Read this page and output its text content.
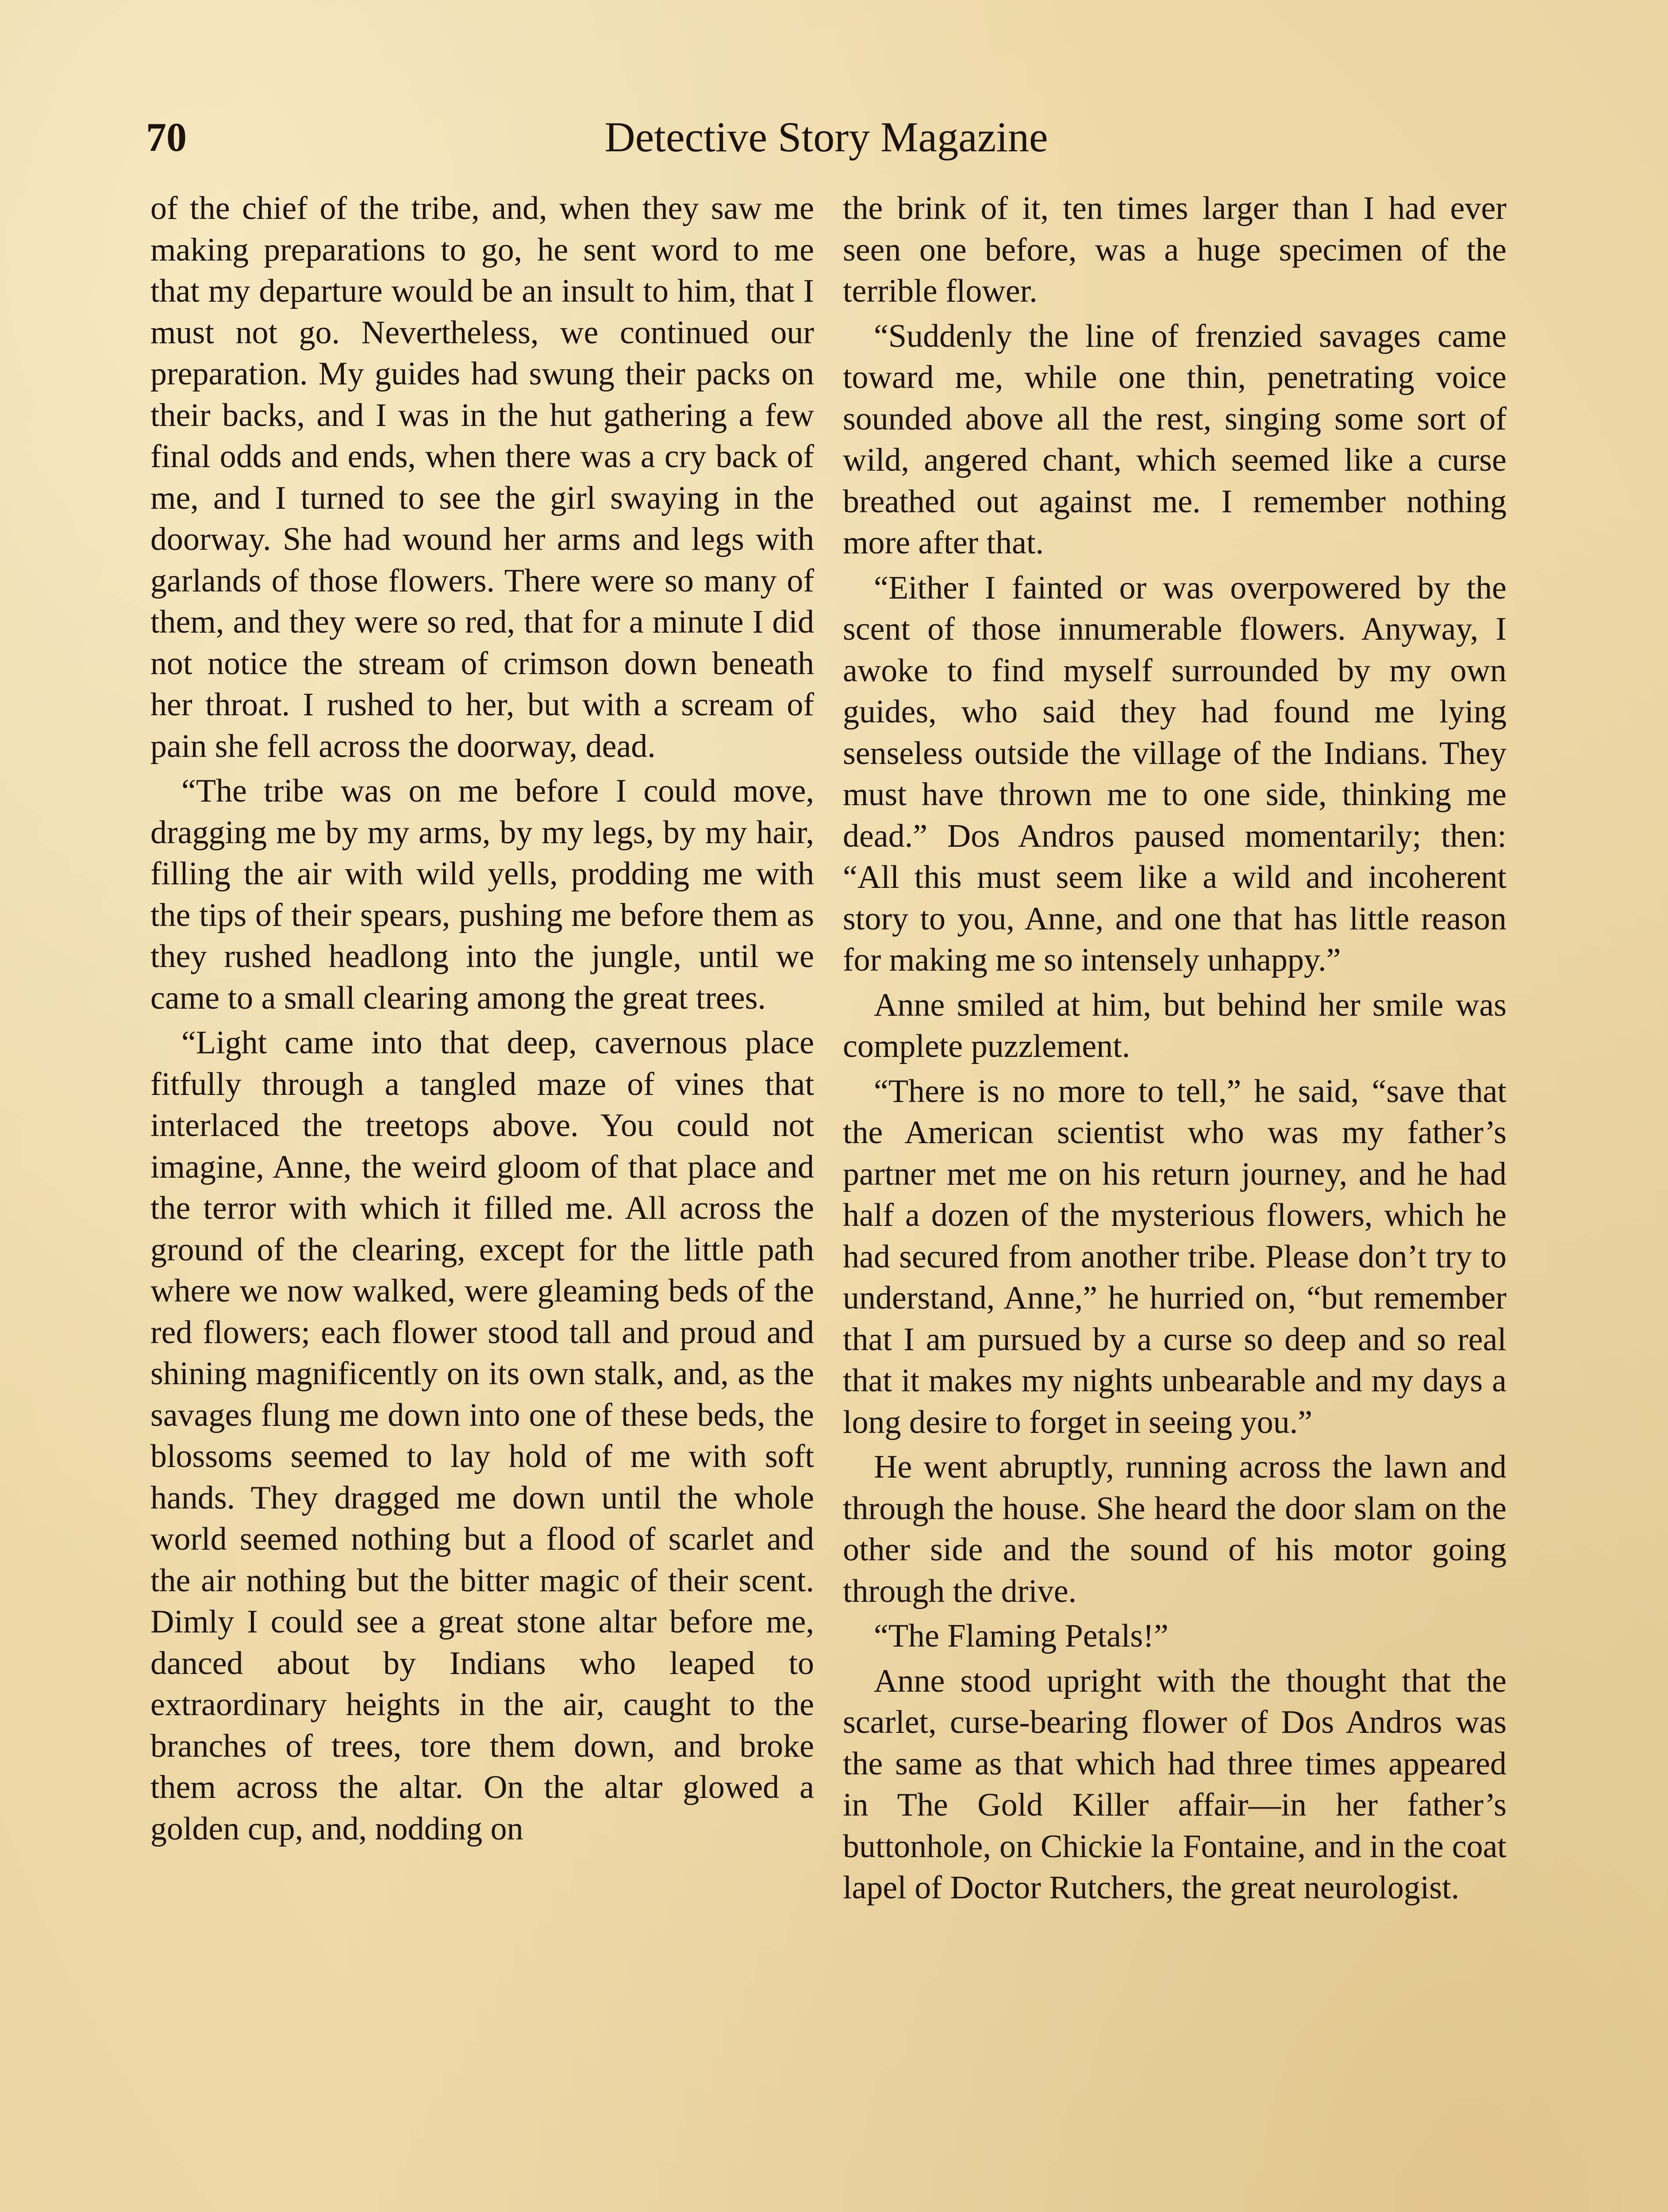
70	Detective Story Magazine

of the chief of the tribe, and, when they saw me making preparations to go, he sent word to me that my departure would be an insult to him, that I must not go. Nevertheless, we continued our preparation. My guides had swung their packs on their backs, and I was in the hut gathering a few final odds and ends, when there was a cry back of me, and I turned to see the girl swaying in the doorway. She had wound her arms and legs with garlands of those flowers. There were so many of them, and they were so red, that for a minute I did not notice the stream of crimson down beneath her throat. I rushed to her, but with a scream of pain she fell across the doorway, dead.

“The tribe was on me before I could move, dragging me by my arms, by my legs, by my hair, filling the air with wild yells, prodding me with the tips of their spears, pushing me before them as they rushed headlong into the jungle, until we came to a small clearing among the great trees.

“Light came into that deep, cavernous place fitfully through a tangled maze of vines that interlaced the treetops above. You could not imagine, Anne, the weird gloom of that place and the terror with which it filled me. All across the ground of the clearing, except for the little path where we now walked, were gleaming beds of the red flowers; each flower stood tall and proud and shining magnificently on its own stalk, and, as the savages flung me down into one of these beds, the blossoms seemed to lay hold of me with soft hands. They dragged me down until the whole world seemed nothing but a flood of scarlet and the air nothing but the bitter magic of their scent. Dimly I could see a great stone altar before me, danced about by Indians who leaped to extraordinary heights in the air, caught to the branches of trees, tore them down, and broke them across the altar. On the altar glowed a golden cup, and, nodding on

the brink of it, ten times larger than I had ever seen one before, was a huge specimen of the terrible flower.

“Suddenly the line of frenzied savages came toward me, while one thin, penetrating voice sounded above all the rest, singing some sort of wild, angered chant, which seemed like a curse breathed out against me. I remember nothing more after that.

“Either I fainted or was overpowered by the scent of those innumerable flowers. Anyway, I awoke to find myself surrounded by my own guides, who said they had found me lying senseless outside the village of the Indians. They must have thrown me to one side, thinking me dead.” Dos Andros paused momentarily; then: “All this must seem like a wild and incoherent story to you, Anne, and one that has little reason for making me so intensely unhappy.”

Anne smiled at him, but behind her smile was complete puzzlement.

“There is no more to tell,” he said, “save that the American scientist who was my father’s partner met me on his return journey, and he had half a dozen of the mysterious flowers, which he had secured from another tribe. Please don’t try to understand, Anne,” he hurried on, “but remember that I am pursued by a curse so deep and so real that it makes my nights unbearable and my days a long desire to forget in seeing you.”

He went abruptly, running across the lawn and through the house. She heard the door slam on the other side and the sound of his motor going through the drive.

“The Flaming Petals!”

Anne stood upright with the thought that the scarlet, curse-bearing flower of Dos Andros was the same as that which had three times appeared in The Gold Killer affair—in her father’s buttonhole, on Chickie la Fontaine, and in the coat lapel of Doctor Rutchers, the great neurologist.
